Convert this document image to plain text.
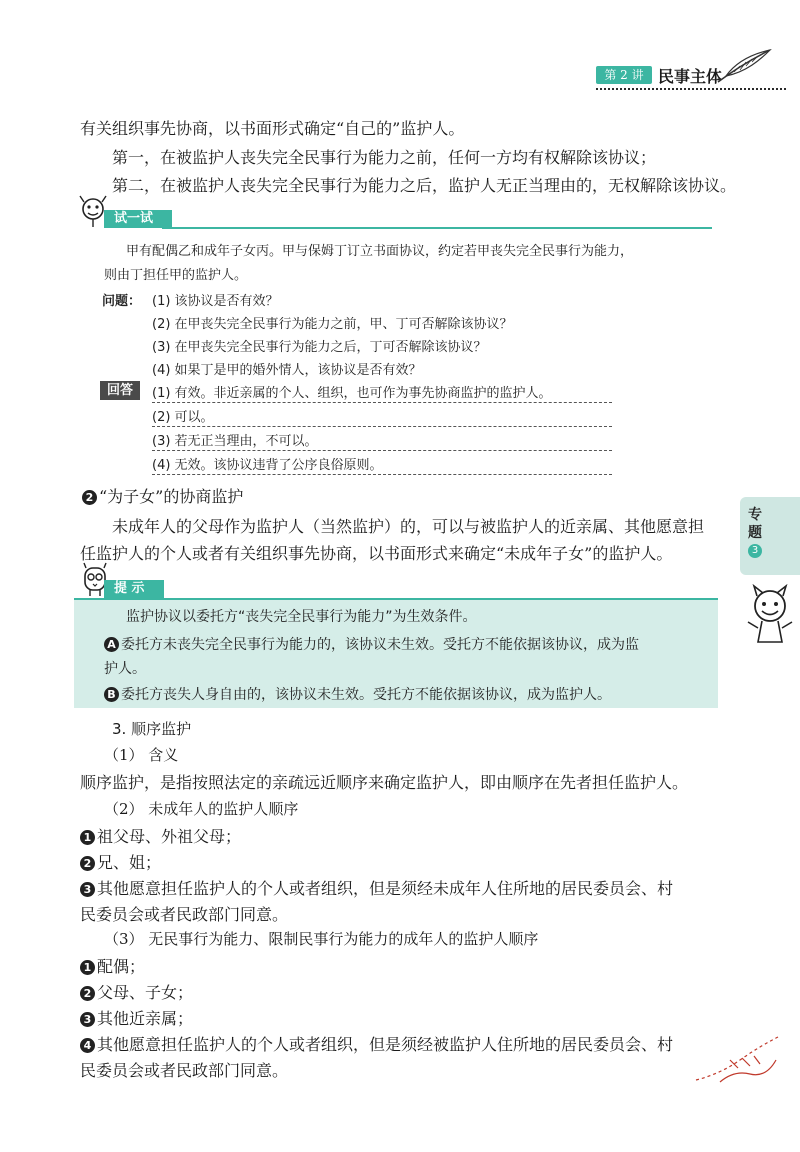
第 2 讲 民事主体
有关组织事先协商，以书面形式确定“自己的”监护人。
第一，在被监护人丧失完全民事行为能力之前，任何一方均有权解除该协议；
第二，在被监护人丧失完全民事行为能力之后，监护人无正当理由的，无权解除该协议。
试一试
甲有配偶乙和成年子女丙。甲与保姆丁订立书面协议，约定若甲丧失完全民事行为能力，
则由丁担任甲的监护人。
问题： (1) 该协议是否有效？
(2) 在甲丧失完全民事行为能力之前，甲、丁可否解除该协议？
(3) 在甲丧失完全民事行为能力之后，丁可否解除该协议？
(4) 如果丁是甲的婚外情人，该协议是否有效？
回答	(1) 有效。非近亲属的个人、组织，也可作为事先协商监护的监护人。
(2) 可以。
(3) 若无正当理由，不可以。
(4) 无效。该协议违背了公序良俗原则。
2 “为子女”的协商监护
未成年人的父母作为监护人（当然监护）的，可以与被监护人的近亲属、其他愿意担
任监护人的个人或者有关组织事先协商，以书面形式来确定“未成年子女”的监护人。
专题
3
提 示
监护协议以委托方“丧失完全民事行为能力”为生效条件。
A 委托方未丧失完全民事行为能力的，该协议未生效。受托方不能依据该协议，成为监
护人。
B 委托方丧失人身自由的，该协议未生效。受托方不能依据该协议，成为监护人。
3. 顺序监护
（1） 含义
顺序监护，是指按照法定的亲疏远近顺序来确定监护人，即由顺序在先者担任监护人。
（2） 未成年人的监护人顺序
1 祖父母、外祖父母；
2 兄、姐；
3 其他愿意担任监护人的个人或者组织，但是须经未成年人住所地的居民委员会、村
民委员会或者民政部门同意。
（3） 无民事行为能力、限制民事行为能力的成年人的监护人顺序
1 配偶；
2 父母、子女；
3 其他近亲属；
4 其他愿意担任监护人的个人或者组织，但是须经被监护人住所地的居民委员会、村
民委员会或者民政部门同意。
